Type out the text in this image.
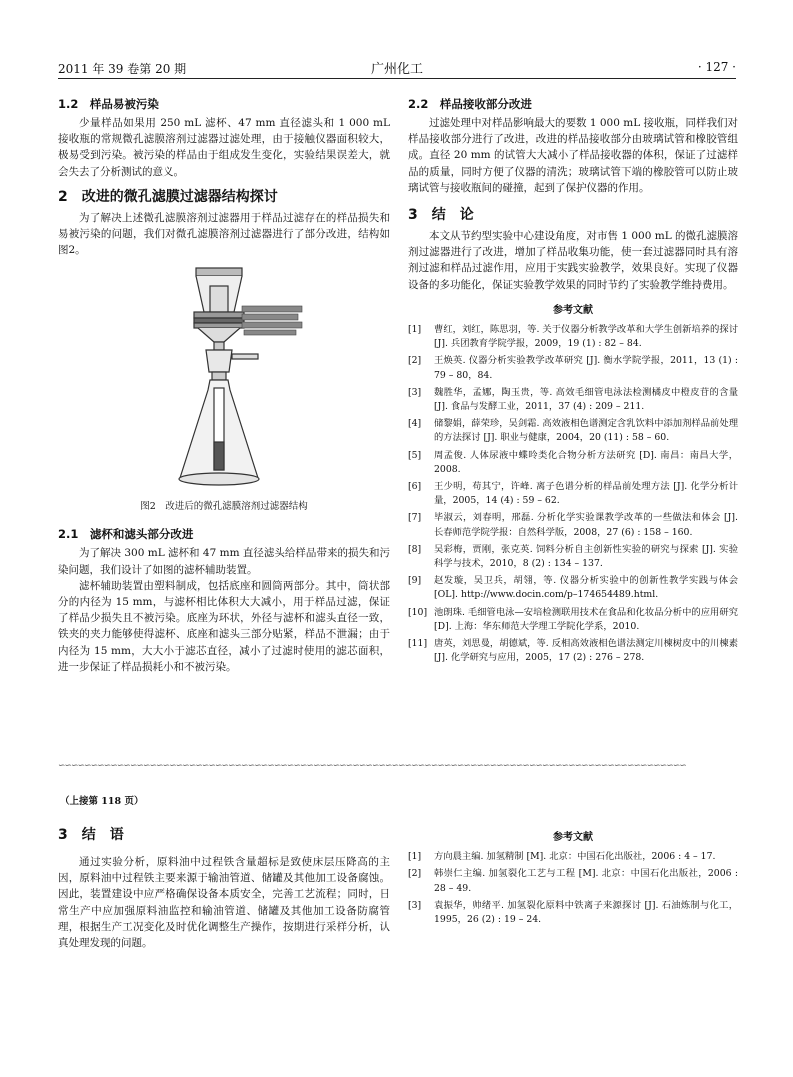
2011 年 39 卷第 20 期	广州化工	· 127 ·
1.2　样品易被污染

少量样品如果用 250 mL 滤杯、47 mm 直径滤头和 1 000 mL 接收瓶的常规微孔滤膜溶剂过滤器过滤处理，由于接触仪器面积较大，极易受到污染。被污染的样品由于组成发生变化，实验结果误差大，就会失去了分析测试的意义。

2　改进的微孔滤膜过滤器结构探讨

为了解决上述微孔滤膜溶剂过滤器用于样品过滤存在的样品损失和易被污染的问题，我们对微孔滤膜溶剂过滤器进行了部分改进，结构如图2。

图2　改进后的微孔滤膜溶剂过滤器结构
2.1　滤杯和滤头部分改进

为了解决 300 mL 滤杯和 47 mm 直径滤头给样品带来的损失和污染问题，我们设计了如图的滤杯辅助装置。

滤杯辅助装置由塑料制成，包括底座和圆筒两部分。其中，筒状部分的内径为 15 mm，与滤杯相比体积大大减小，用于样品过滤，保证了样品少损失且不被污染。底座为环状，外径与滤杯和滤头直径一致，铁夹的夹力能够使得滤杯、底座和滤头三部分贴紧，样品不泄漏；由于内径为 15 mm，大大小于滤芯直径，减小了过滤时使用的滤芯面积，进一步保证了样品损耗小和不被污染。

2.2　样品接收部分改进

过滤处理中对样品影响最大的要数 1 000 mL 接收瓶，同样我们对样品接收部分进行了改进，改进的样品接收部分由玻璃试管和橡胶管组成。直径 20 mm 的试管大大减小了样品接收器的体积，保证了过滤样品的质量，同时方便了仪器的清洗；玻璃试管下端的橡胶管可以防止玻璃试管与接收瓶间的碰撞，起到了保护仪器的作用。

3　结　论

本文从节约型实验中心建设角度，对市售 1 000 mL 的微孔滤膜溶剂过滤器进行了改进，增加了样品收集功能，使一套过滤器同时具有溶剂过滤和样品过滤作用，应用于实践实验教学，效果良好。实现了仪器设备的多功能化，保证实验教学效果的同时节约了实验教学维持费用。

参考文献
[1]	曹红，刘红，陈思羽，等. 关于仪器分析教学改革和大学生创新培养的探讨 [J]. 兵团教育学院学报，2009，19 (1) : 82 – 84.
[2]	王焕英. 仪器分析实验教学改革研究 [J]. 衡水学院学报，2011，13 (1) : 79 – 80，84.
[3]	魏胜华，孟娜，陶玉贵，等. 高效毛细管电泳法检测橘皮中橙皮苷的含量 [J]. 食品与发酵工业，2011，37 (4) : 209 – 211.
[4]	储黎娟，薛荣珍，吴剑霜. 高效液相色谱测定含乳饮料中添加剂样品前处理的方法探讨 [J]. 职业与健康，2004，20 (11) : 58 – 60.
[5]	周孟俊. 人体尿液中蝶呤类化合物分析方法研究 [D]. 南昌：南昌大学，2008.
[6]	王少明，苟其宁，许峰. 离子色谱分析的样品前处理方法 [J]. 化学分析计量，2005，14 (4) : 59 – 62.
[7]	毕淑云，刘春明，邢磊. 分析化学实验课教学改革的一些做法和体会 [J]. 长春师范学院学报：自然科学版，2008，27 (6) : 158 – 160.
[8]	吴彩梅，贾刚，张克英. 饲料分析自主创新性实验的研究与探索 [J]. 实验科学与技术，2010，8 (2) : 134 – 137.
[9]	赵发璇，吴卫兵，胡翎，等. 仪器分析实验中的创新性教学实践与体会 [OL]. http://www.docin.com/p–174654489.html.
[10] 池朗珠. 毛细管电泳—安培检测联用技术在食品和化妆品分析中的应用研究 [D]. 上海：华东师范大学理工学院化学系，2010.
[11] 唐英，刘思曼，胡德斌，等. 反相高效液相色谱法测定川楝树皮中的川楝素 [J]. 化学研究与应用，2005，17 (2) : 276 – 278.
∽∽∽∽∽∽∽∽∽∽∽∽∽∽∽∽∽∽∽∽∽∽∽∽∽∽∽∽∽∽∽∽∽∽∽∽∽∽∽∽∽∽∽∽∽∽∽∽∽∽∽∽∽∽∽∽∽∽∽∽∽∽∽∽∽∽∽∽∽∽∽∽∽∽∽∽∽∽∽∽∽∽∽∽∽∽∽∽∽∽∽∽∽∽∽∽
（上接第 118 页）
3　结　语

通过实验分析，原料油中过程铁含量超标是致使床层压降高的主因，原料油中过程铁主要来源于输油管道、储罐及其他加工设备腐蚀。因此，装置建设中应严格确保设备本质安全，完善工艺流程；同时，日常生产中应加强原料油监控和输油管道、储罐及其他加工设备防腐管理，根据生产工况变化及时优化调整生产操作，按期进行采样分析，认真处理发现的问题。

参考文献
[1]	方向晨主编. 加氢精制 [M]. 北京：中国石化出版社，2006 : 4 – 17.
[2]	韩崇仁主编. 加氢裂化工艺与工程 [M]. 北京：中国石化出版社，2006 : 28 – 49.
[3]	袁振华，帅绪平. 加氢裂化原料中铁离子来源探讨 [J]. 石油炼制与化工，1995，26 (2) : 19 – 24.
